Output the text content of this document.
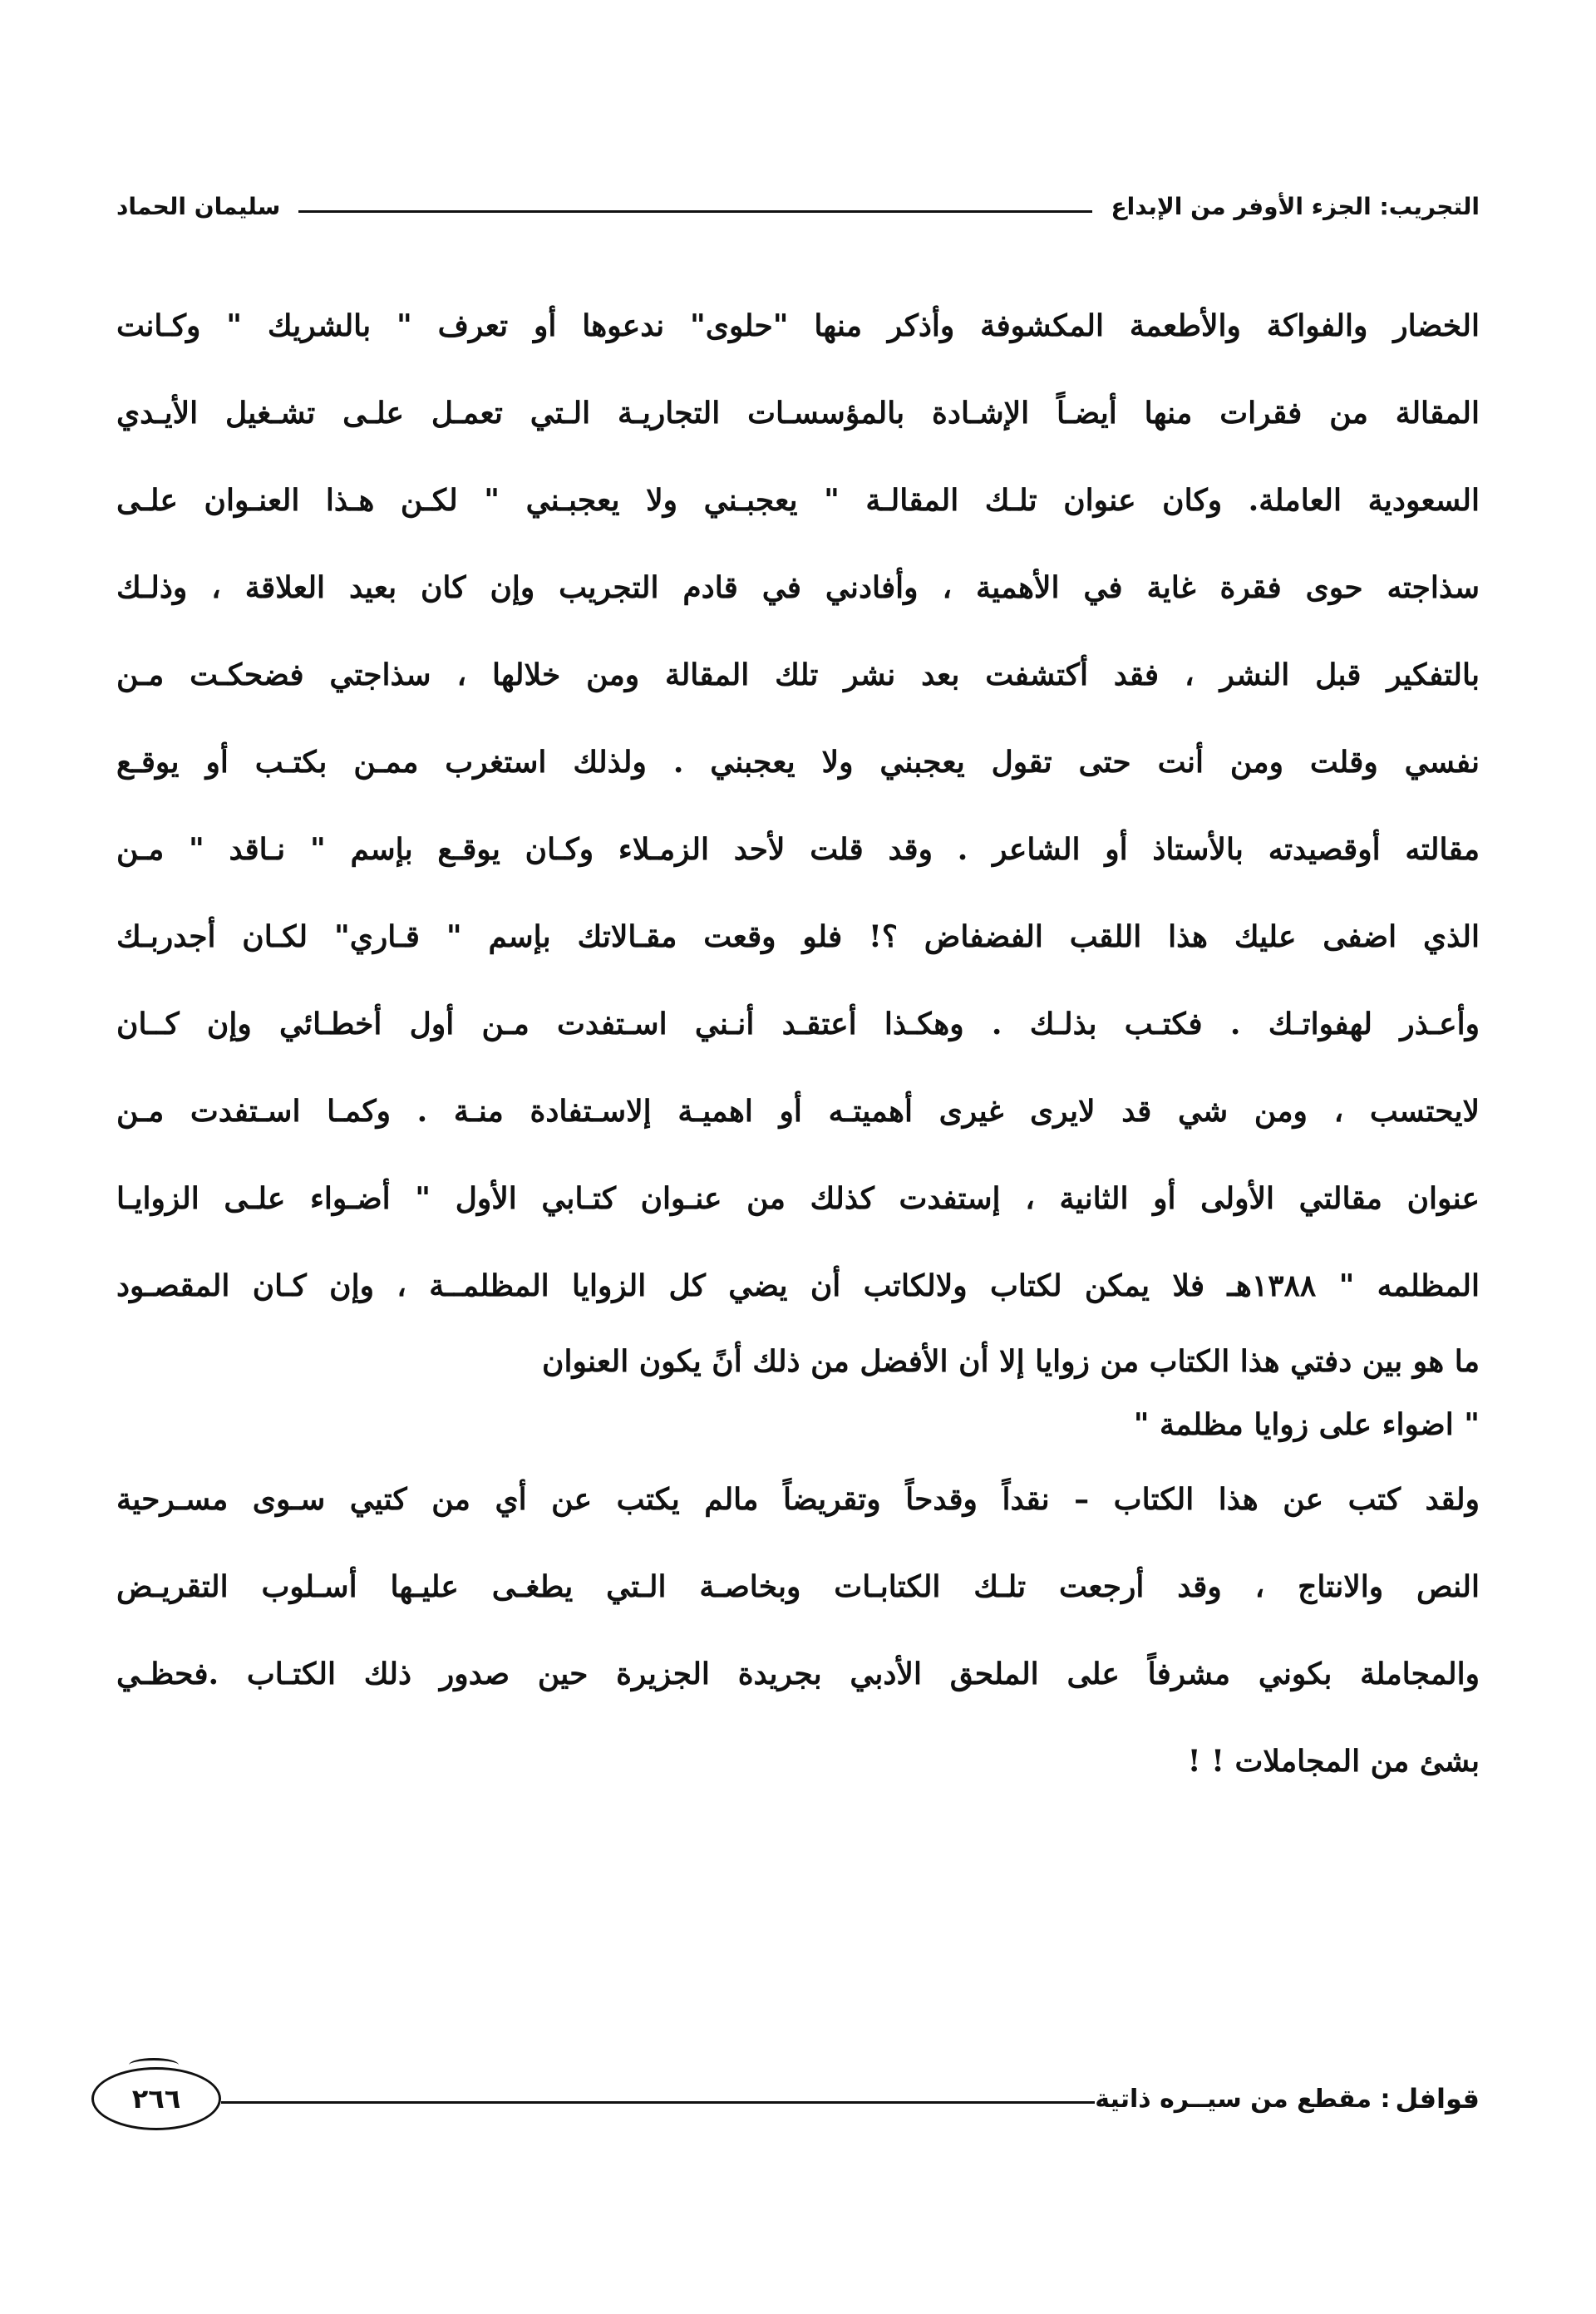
التجريب: الجزء الأوفر من الإبداع
سليمان الحماد
الخضار والفواكة والأطعمة المكشوفة وأذكر منها "حلوى" ندعوها أو تعرف " بالشريك " وكـانت
المقالة من فقرات منها أيضـاً الإشـادة بالمؤسسـات التجاريـة الـتي تعمـل علـى تشـغيل الأيـدي
السعودية العاملة. وكان عنوان تلـك المقالـة " يعجبـني ولا يعجبـني " لكـن هـذا العنـوان علـى
سذاجته حوى فقرة غاية في الأهمية ، وأفادني في قادم التجريب وإن كان بعيد العلاقة ، وذلـك
بالتفكير قبل النشر ، فقد أكتشفت بعد نشر تلك المقالة ومن خلالها ، سذاجتي فضحكـت مـن
نفسي وقلت ومن أنت حتى تقول يعجبني ولا يعجبني . ولذلك استغرب ممـن بكتـب أو يوقـع
مقالته أوقصيدته بالأستاذ أو الشاعر . وقد قلت لأحد الزمـلاء وكـان يوقـع بإسم " نـاقد " مـن
الذي اضفى عليك هذا اللقب الفضفاض ؟! فلو وقعت مقـالاتك بإسم " قـاري" لكـان أجدربـك
وأعـذر لهفواتـك . فكتـب بذلـك . وهكـذا أعتقـد أنـني اسـتفدت مـن أول أخطـائي وإن كــان
لايحتسب ، ومن شي قد لايرى غيرى أهميتـه أو اهميـة إلاسـتفادة منـة . وكمـا اسـتفدت مـن
عنوان مقالتي الأولى أو الثانية ، إستفدت كذلك من عنـوان كتـابي الأول " أضـواء علـى الزوايـا
المظلمه " ١٣٨٨هـ فلا يمكن لكتاب ولالكاتب أن يضي كل الزوايا المظلمــة ، وإن كـان المقصـود
ما هو بين دفتي هذا الكتاب من زوايا إلا أن الأفضل من ذلك أنً يكون العنوان
" اضواء على زوايا مظلمة "
ولقد كتب عن هذا الكتاب – نقداً وقدحاً وتقريضاً مالم يكتب عن أي من كتيي سـوى مسـرحية
النص والانتاج ، وقد أرجعت تلـك الكتابـات وبخاصـة الـتي يطغـى عليـها أسـلوب التقريـض
والمجاملة بكوني مشرفاً على الملحق الأدبي بجريدة الجزيرة حين صدور ذلك الكتـاب .فحظـي
بشئ من المجاملات ! !
قوافل
: مقطع من سيــره ذاتية
٢٦٦
